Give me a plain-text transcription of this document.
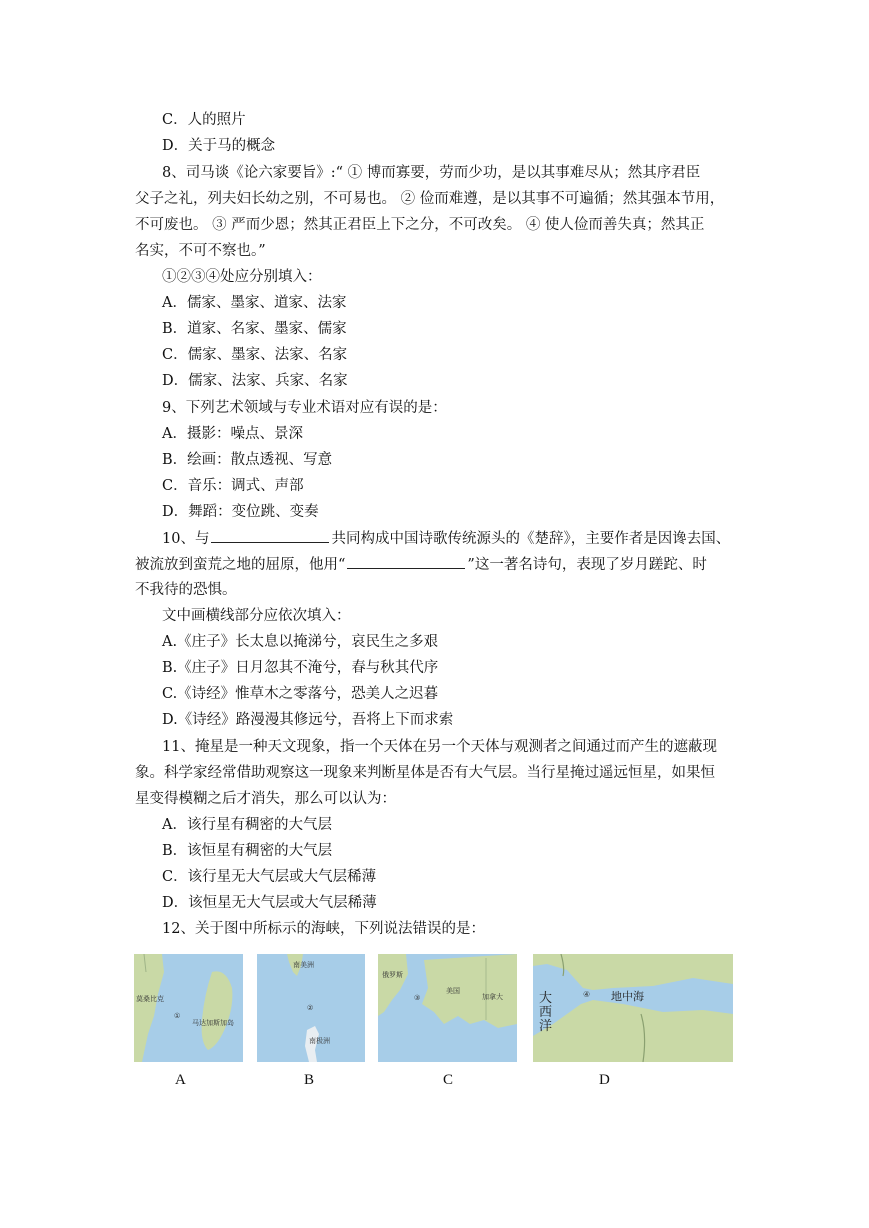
C．人的照片
D．关于马的概念
8、司马谈《论六家要旨》:“ ① 博而寡要，劳而少功，是以其事难尽从；然其序君臣
父子之礼，列夫妇长幼之别，不可易也。 ② 俭而难遵，是以其事不可遍循；然其强本节用，
不可废也。 ③ 严而少恩；然其正君臣上下之分，不可改矣。 ④ 使人俭而善失真；然其正
名实，不可不察也。”
①②③④处应分别填入：
A．儒家、墨家、道家、法家
B．道家、名家、墨家、儒家
C．儒家、墨家、法家、名家
D．儒家、法家、兵家、名家
9、下列艺术领域与专业术语对应有误的是：
A．摄影：噪点、景深
B．绘画：散点透视、写意
C．音乐：调式、声部
D．舞蹈：变位跳、变奏
10、与	共同构成中国诗歌传统源头的《楚辞》，主要作者是因谗去国、
被流放到蛮荒之地的屈原，他用“	”这一著名诗句，表现了岁月蹉跎、时
不我待的恐惧。
文中画横线部分应依次填入：
A.《庄子》长太息以掩涕兮，哀民生之多艰
B.《庄子》日月忽其不淹兮，春与秋其代序
C.《诗经》惟草木之零落兮，恐美人之迟暮
D.《诗经》路漫漫其修远兮，吾将上下而求索
11、掩星是一种天文现象，指一个天体在另一个天体与观测者之间通过而产生的遮蔽现
象。科学家经常借助观察这一现象来判断星体是否有大气层。当行星掩过遥远恒星，如果恒
星变得模糊之后才消失，那么可以认为：
A．该行星有稠密的大气层
B．该恒星有稠密的大气层
C．该行星无大气层或大气层稀薄
D．该恒星无大气层或大气层稀薄
12、关于图中所标示的海峡，下列说法错误的是：
莫桑比克
①
马达加斯加岛
南美洲
②
南极洲
俄罗斯
③
美国
加拿大	大西洋
④ 地中海
A	B	C	D
